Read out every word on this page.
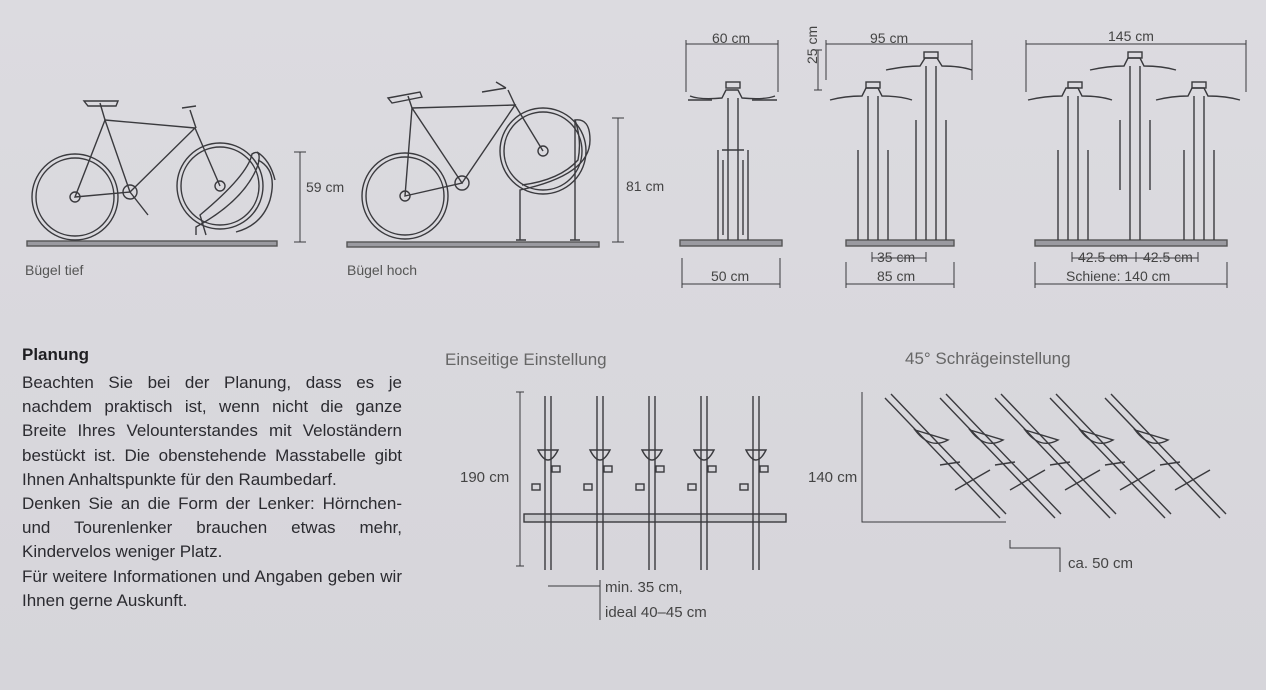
59 cm	81 cm
Bügel tief	Bügel hoch
60 cm
50 cm
95 cm
25 cm
35 cm
85 cm
145 cm
42.5 cm 42.5 cm
Schiene: 140 cm
Einseitige Einstellung	45° Schrägeinstellung
190 cm	140 cm
min. 35 cm,
ideal 40–45 cm
ca. 50 cm
Planung

Beachten Sie bei der Planung, dass es je nachdem praktisch ist, wenn nicht die ganze Breite Ihres Velounterstandes mit Veloständern bestückt ist. Die obenstehende Masstabelle gibt Ihnen Anhaltspunkte für den Raumbedarf.

Denken Sie an die Form der Lenker: Hörnchen- und Tourenlenker brauchen etwas mehr, Kindervelos weniger Platz.

Für weitere Informationen und Angaben geben wir Ihnen gerne Auskunft.
